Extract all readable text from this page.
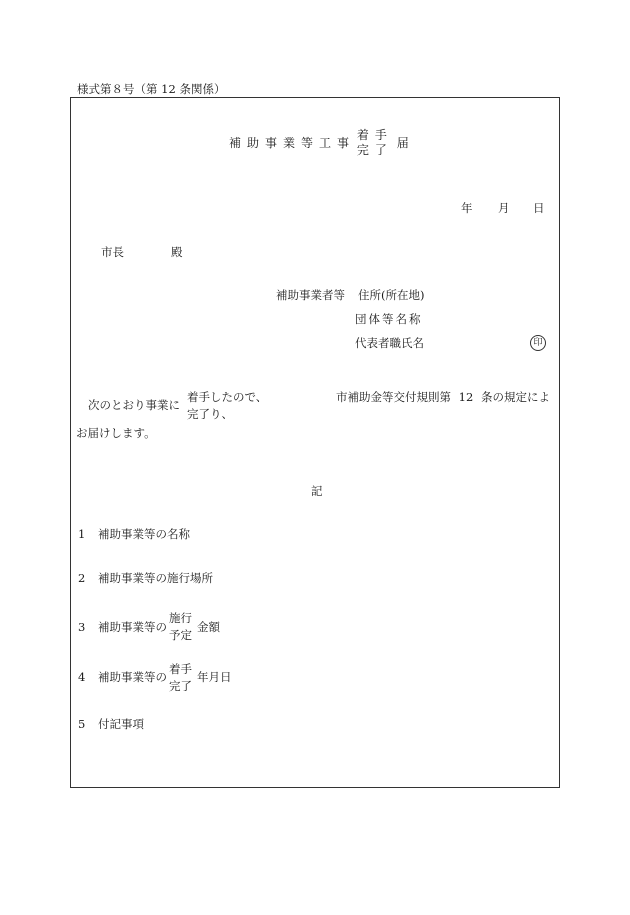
様式第８号（第 12 条関係）
補助事業等工事
着手
完了 届
年 月 日
市長	殿
補助事業者等 住所(所在地)
団体等名称
代表者職氏名	印
次のとおり事業に
着手したので、
完了り、
市補助金等交付規則第 12 条の規定によ
お届けします。
記
1 補助事業等の名称
2 補助事業等の施行場所
3 補助事業等の
施行
予定
金額
4 補助事業等の
着手
完了
年月日
5 付記事項
